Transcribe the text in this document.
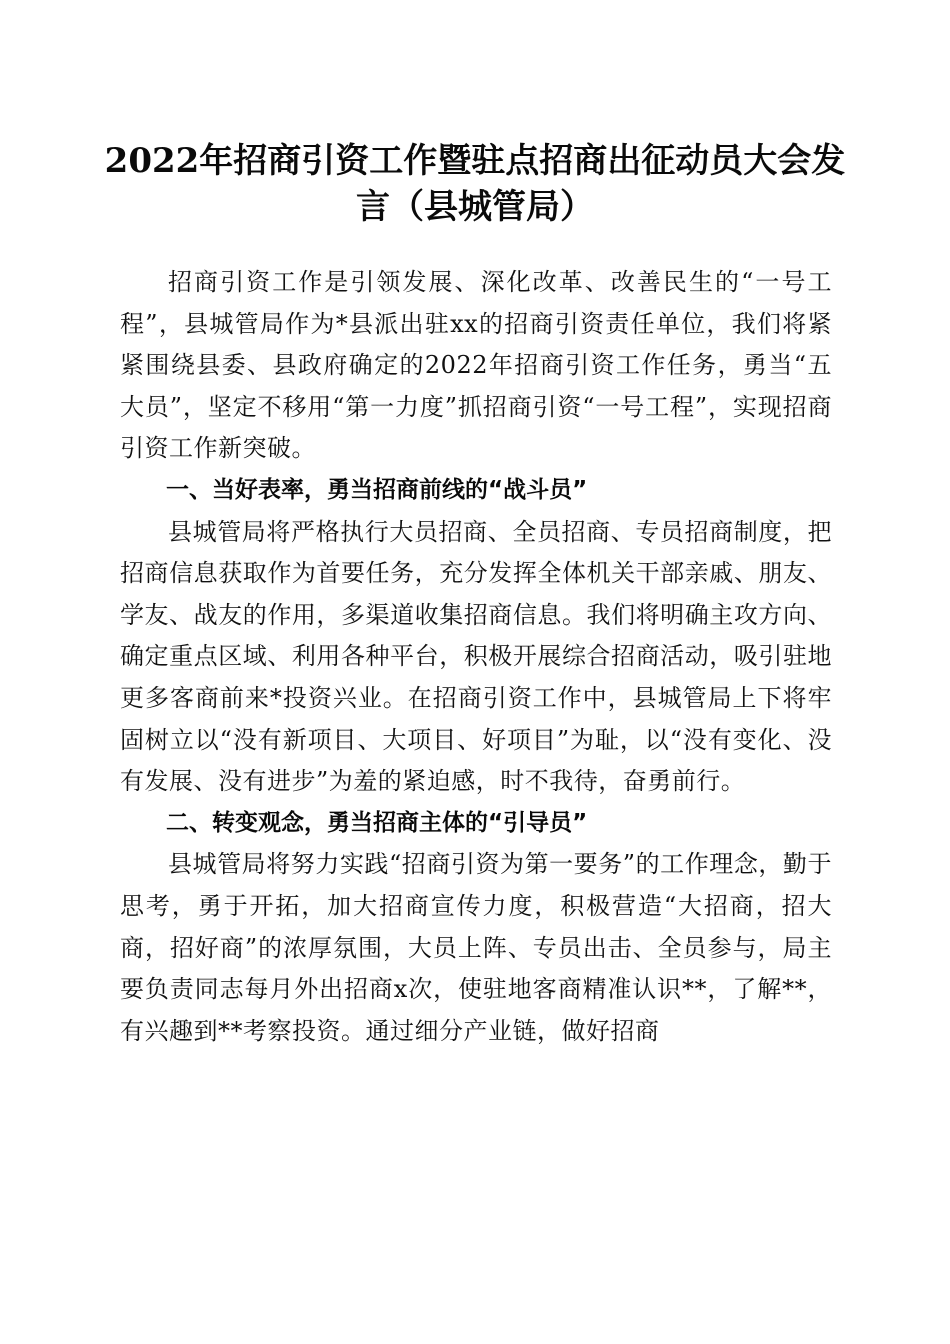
2022年招商引资工作暨驻点招商出征动员大会发言（县城管局）

招商引资工作是引领发展、深化改革、改善民生的“一号工程”，县城管局作为*县派出驻xx的招商引资责任单位，我们将紧紧围绕县委、县政府确定的2022年招商引资工作任务，勇当“五大员”，坚定不移用“第一力度”抓招商引资“一号工程”，实现招商引资工作新突破。

一、当好表率，勇当招商前线的“战斗员”

县城管局将严格执行大员招商、全员招商、专员招商制度，把招商信息获取作为首要任务，充分发挥全体机关干部亲戚、朋友、学友、战友的作用，多渠道收集招商信息。我们将明确主攻方向、确定重点区域、利用各种平台，积极开展综合招商活动，吸引驻地更多客商前来*投资兴业。在招商引资工作中，县城管局上下将牢固树立以“没有新项目、大项目、好项目”为耻，以“没有变化、没有发展、没有进步”为羞的紧迫感，时不我待，奋勇前行。

二、转变观念，勇当招商主体的“引导员”

县城管局将努力实践“招商引资为第一要务”的工作理念，勤于思考，勇于开拓，加大招商宣传力度，积极营造“大招商，招大商，招好商”的浓厚氛围，大员上阵、专员出击、全员参与，局主要负责同志每月外出招商x次，使驻地客商精准认识**，了解**，有兴趣到**考察投资。通过细分产业链，做好招商
